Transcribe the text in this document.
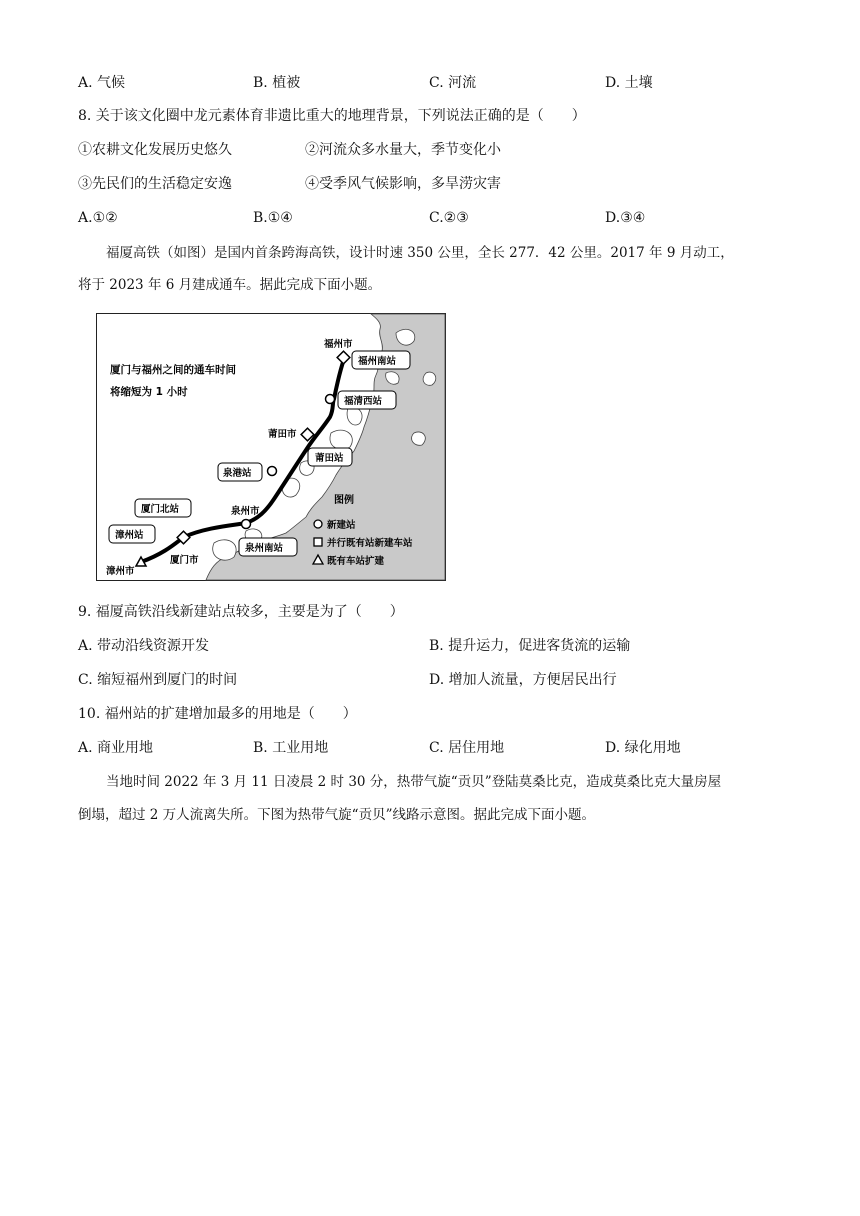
A. 气候	B. 植被	C. 河流	D. 土壤
8. 关于该文化圈中龙元素体育非遗比重大的地理背景，下列说法正确的是（　　）
①农耕文化发展历史悠久	②河流众多水量大，季节变化小
③先民们的生活稳定安逸	④受季风气候影响，多旱涝灾害
A.①②	B.①④	C.②③	D.③④
福厦高铁（如图）是国内首条跨海高铁，设计时速 350 公里，全长 277．42 公里。2017 年 9 月动工，
将于 2023 年 6 月建成通车。据此完成下面小题。
厦门与福州之间的通车时间
将缩短为 1 小时
福州市
福州南站
福清西站
莆田市
莆田站
泉港站
泉州市
泉州南站
厦门北站
漳州站
厦门市
漳州市
图例
新建站
并行既有站新建车站
既有车站扩建
9. 福厦高铁沿线新建站点较多，主要是为了（　　）
A. 带动沿线资源开发	B. 提升运力，促进客货流的运输
C. 缩短福州到厦门的时间	D. 增加人流量，方便居民出行
10. 福州站的扩建增加最多的用地是（　　）
A. 商业用地	B. 工业用地	C. 居住用地	D. 绿化用地
当地时间 2022 年 3 月 11 日凌晨 2 时 30 分，热带气旋“贡贝”登陆莫桑比克，造成莫桑比克大量房屋
倒塌，超过 2 万人流离失所。下图为热带气旋“贡贝”线路示意图。据此完成下面小题。
